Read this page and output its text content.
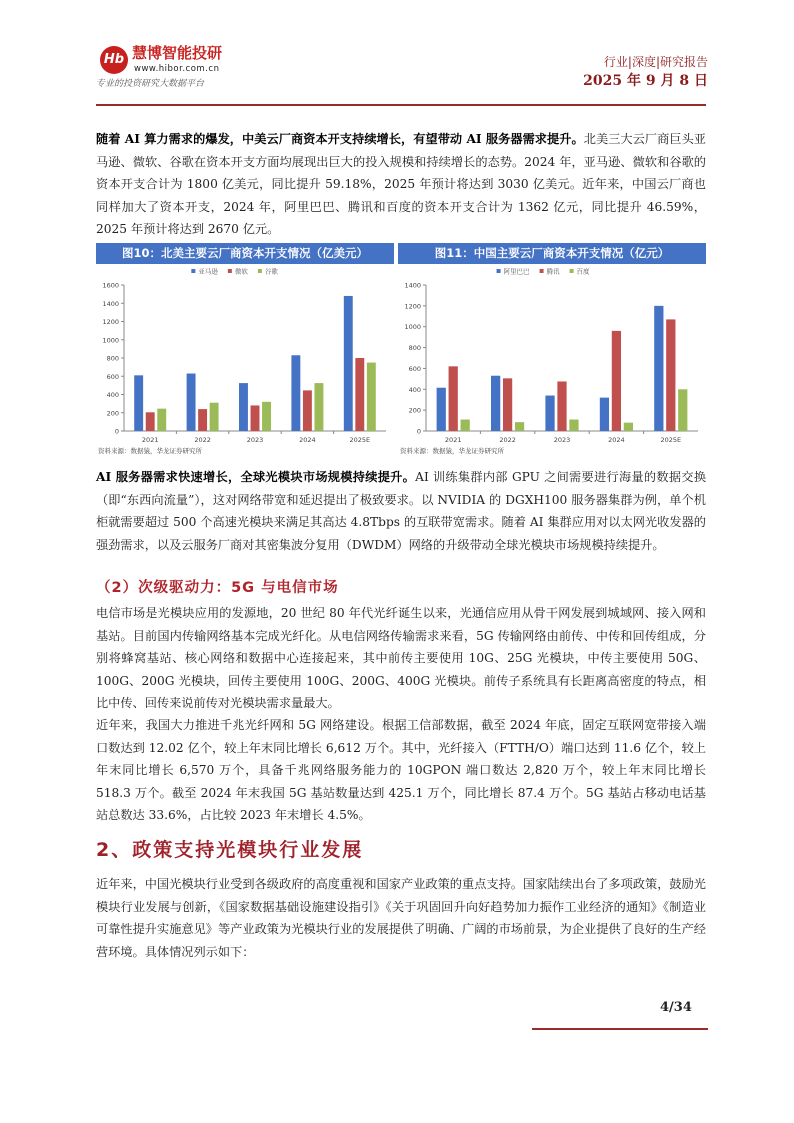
Hb 慧博智能投研
www.hibor.com.cn
专业的投资研究大数据平台
行业|深度|研究报告
2025 年 9 月 8 日
随着 AI 算力需求的爆发，中美云厂商资本开支持续增长，有望带动 AI 服务器需求提升。北美三大云厂商巨头亚马逊、微软、谷歌在资本开支方面均展现出巨大的投入规模和持续增长的态势。2024 年，亚马逊、微软和谷歌的资本开支合计为 1800 亿美元，同比提升 59.18%，2025 年预计将达到 3030 亿美元。近年来，中国云厂商也同样加大了资本开支，2024 年，阿里巴巴、腾讯和百度的资本开支合计为 1362 亿元，同比提升 46.59%，2025 年预计将达到 2670 亿元。
图10：北美主要云厂商资本开支情况（亿美元）
0
200
400
600
800
1000
1200
1400
1600
2021	2022	2023	2024	2025E
亚马逊	微软	谷歌
资料来源：数据猿，华龙证券研究所
图11：中国主要云厂商资本开支情况（亿元）
0
200
400
600
800
1000
1200
1400
2021	2022	2023	2024	2025E
阿里巴巴	腾讯	百度
资料来源：数据猿，华龙证券研究所
AI 服务器需求快速增长，全球光模块市场规模持续提升。AI 训练集群内部 GPU 之间需要进行海量的数据交换（即“东西向流量”），这对网络带宽和延迟提出了极致要求。以 NVIDIA 的 DGXH100 服务器集群为例，单个机柜就需要超过 500 个高速光模块来满足其高达 4.8Tbps 的互联带宽需求。随着 AI 集群应用对以太网光收发器的强劲需求，以及云服务厂商对其密集波分复用（DWDM）网络的升级带动全球光模块市场规模持续提升。
（2）次级驱动力：5G 与电信市场
电信市场是光模块应用的发源地，20 世纪 80 年代光纤诞生以来，光通信应用从骨干网发展到城域网、接入网和基站。目前国内传输网络基本完成光纤化。从电信网络传输需求来看，5G 传输网络由前传、中传和回传组成，分别将蜂窝基站、核心网络和数据中心连接起来，其中前传主要使用 10G、25G 光模块，中传主要使用 50G、100G、200G 光模块，回传主要使用 100G、200G、400G 光模块。前传子系统具有长距离高密度的特点，相比中传、回传来说前传对光模块需求量最大。
近年来，我国大力推进千兆光纤网和 5G 网络建设。根据工信部数据，截至 2024 年底，固定互联网宽带接入端口数达到 12.02 亿个，较上年末同比增长 6,612 万个。其中，光纤接入（FTTH/O）端口达到 11.6 亿个，较上年末同比增长 6,570 万个，具备千兆网络服务能力的 10GPON 端口数达 2,820 万个，较上年末同比增长 518.3 万个。截至 2024 年末我国 5G 基站数量达到 425.1 万个，同比增长 87.4 万个。5G 基站占移动电话基站总数达 33.6%，占比较 2023 年末增长 4.5%。
2、政策支持光模块行业发展
近年来，中国光模块行业受到各级政府的高度重视和国家产业政策的重点支持。国家陆续出台了多项政策，鼓励光模块行业发展与创新，《国家数据基础设施建设指引》《关于巩固回升向好趋势加力振作工业经济的通知》《制造业可靠性提升实施意见》等产业政策为光模块行业的发展提供了明确、广阔的市场前景，为企业提供了良好的生产经营环境。具体情况列示如下：
4/34
